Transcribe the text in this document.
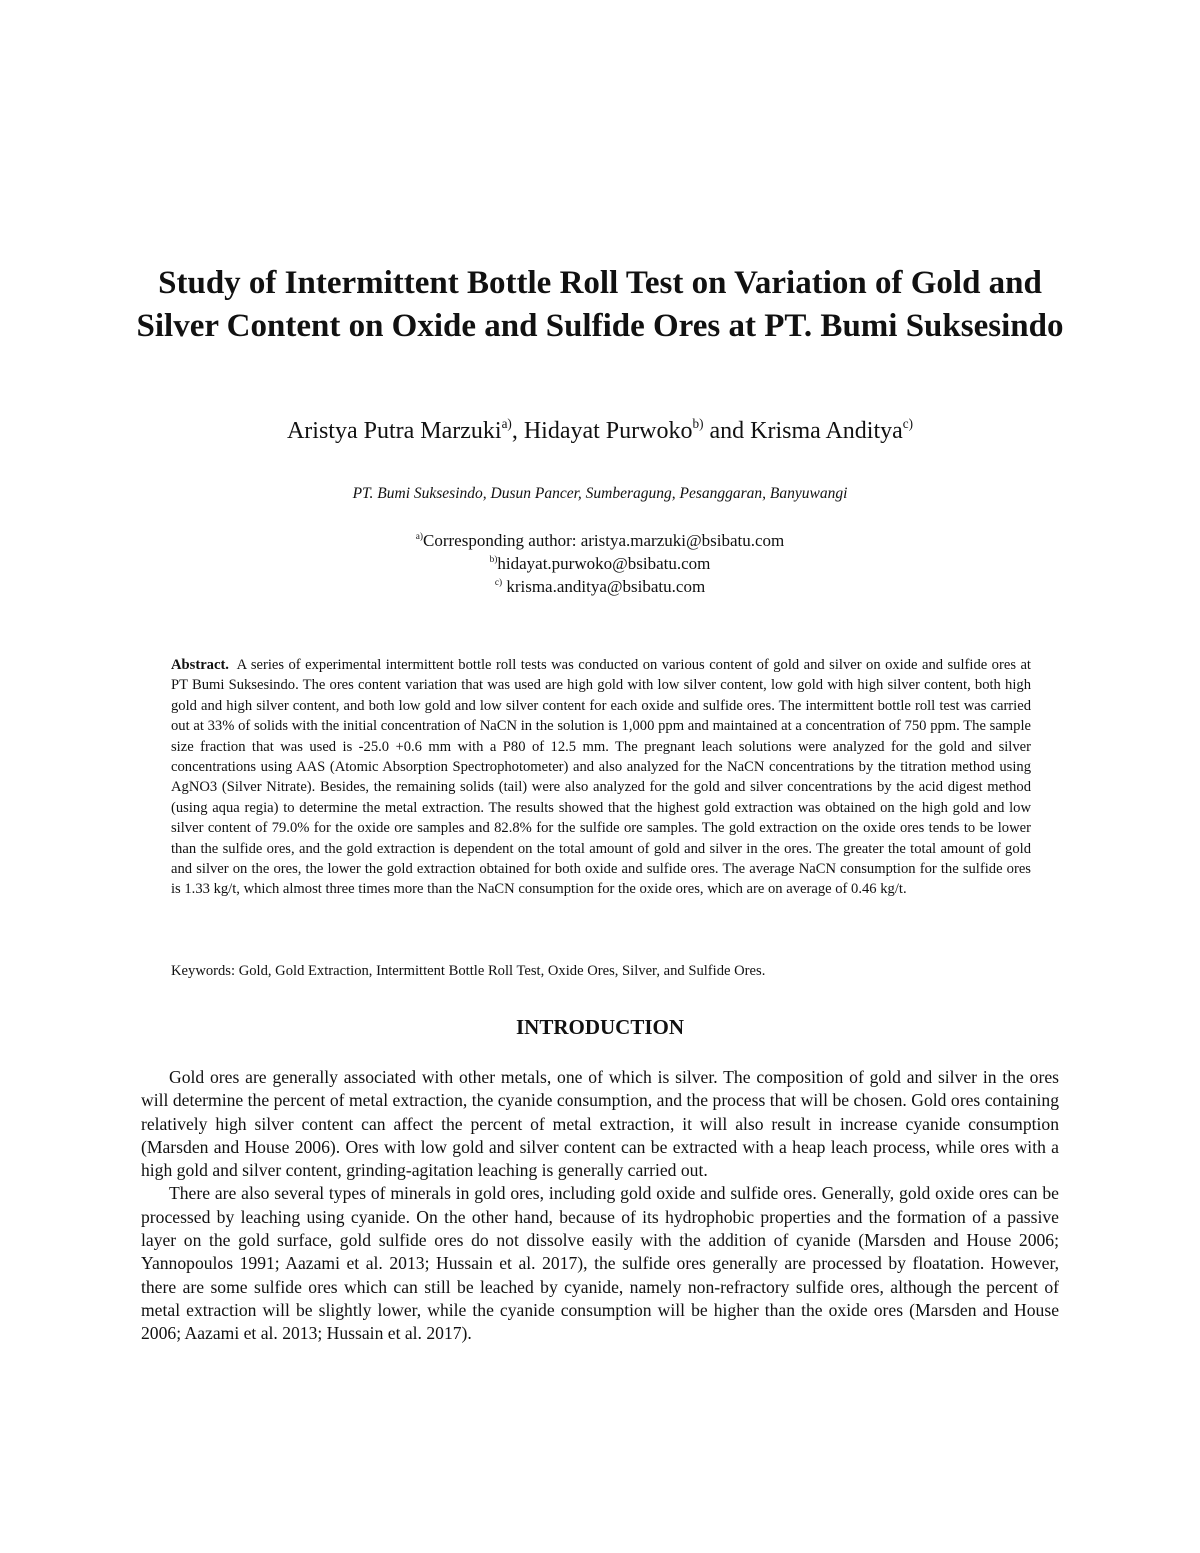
Study of Intermittent Bottle Roll Test on Variation of Gold and Silver Content on Oxide and Sulfide Ores at PT. Bumi Suksesindo
Aristya Putra Marzuki$^{a)}$, Hidayat Purwoko$^{b)}$ and Krisma Anditya$^{c)}$
PT. Bumi Suksesindo, Dusun Pancer, Sumberagung, Pesanggaran, Banyuwangi
$^{a)}$Corresponding author: aristya.marzuki@bsibatu.com
$^{b)}$hidayat.purwoko@bsibatu.com
$^{c)}$ krisma.anditya@bsibatu.com

Abstract. A series of experimental intermittent bottle roll tests was conducted on various content of gold and silver on oxide and sulfide ores at PT Bumi Suksesindo. The ores content variation that was used are high gold with low silver content, low gold with high silver content, both high gold and high silver content, and both low gold and low silver content for each oxide and sulfide ores. The intermittent bottle roll test was carried out at 33% of solids with the initial concentration of NaCN in the solution is 1,000 ppm and maintained at a concentration of 750 ppm. The sample size fraction that was used is -25.0 +0.6 mm with a P80 of 12.5 mm. The pregnant leach solutions were analyzed for the gold and silver concentrations using AAS (Atomic Absorption Spectrophotometer) and also analyzed for the NaCN concentrations by the titration method using AgNO3 (Silver Nitrate). Besides, the remaining solids (tail) were also analyzed for the gold and silver concentrations by the acid digest method (using aqua regia) to determine the metal extraction. The results showed that the highest gold extraction was obtained on the high gold and low silver content of 79.0% for the oxide ore samples and 82.8% for the sulfide ore samples. The gold extraction on the oxide ores tends to be lower than the sulfide ores, and the gold extraction is dependent on the total amount of gold and silver in the ores. The greater the total amount of gold and silver on the ores, the lower the gold extraction obtained for both oxide and sulfide ores. The average NaCN consumption for the sulfide ores is 1.33 kg/t, which almost three times more than the NaCN consumption for the oxide ores, which are on average of 0.46 kg/t.

Keywords: Gold, Gold Extraction, Intermittent Bottle Roll Test, Oxide Ores, Silver, and Sulfide Ores.

INTRODUCTION

Gold ores are generally associated with other metals, one of which is silver. The composition of gold and silver in the ores will determine the percent of metal extraction, the cyanide consumption, and the process that will be chosen. Gold ores containing relatively high silver content can affect the percent of metal extraction, it will also result in increase cyanide consumption (Marsden and House 2006). Ores with low gold and silver content can be extracted with a heap leach process, while ores with a high gold and silver content, grinding-agitation leaching is generally carried out.

There are also several types of minerals in gold ores, including gold oxide and sulfide ores. Generally, gold oxide ores can be processed by leaching using cyanide. On the other hand, because of its hydrophobic properties and the formation of a passive layer on the gold surface, gold sulfide ores do not dissolve easily with the addition of cyanide (Marsden and House 2006; Yannopoulos 1991; Aazami et al. 2013; Hussain et al. 2017), the sulfide ores generally are processed by floatation. However, there are some sulfide ores which can still be leached by cyanide, namely non-refractory sulfide ores, although the percent of metal extraction will be slightly lower, while the cyanide consumption will be higher than the oxide ores (Marsden and House 2006; Aazami et al. 2013; Hussain et al. 2017).
